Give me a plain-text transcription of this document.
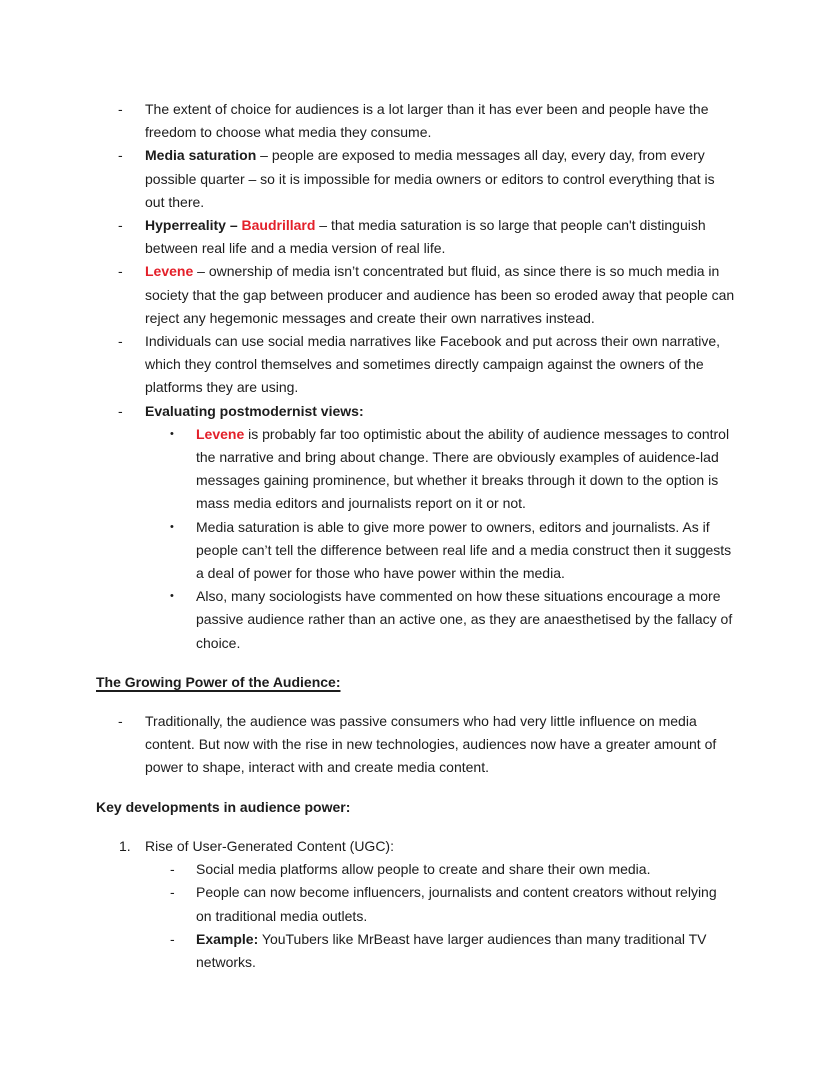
- The extent of choice for audiences is a lot larger than it has ever been and people have the freedom to choose what media they consume.
- Media saturation – people are exposed to media messages all day, every day, from every possible quarter – so it is impossible for media owners or editors to control everything that is out there.
- Hyperreality – Baudrillard – that media saturation is so large that people can't distinguish between real life and a media version of real life.
- Levene – ownership of media isn’t concentrated but fluid, as since there is so much media in society that the gap between producer and audience has been so eroded away that people can reject any hegemonic messages and create their own narratives instead.
- Individuals can use social media narratives like Facebook and put across their own narrative, which they control themselves and sometimes directly campaign against the owners of the platforms they are using.
- Evaluating postmodernist views:
• Levene is probably far too optimistic about the ability of audience messages to control the narrative and bring about change. There are obviously examples of auidence-lad messages gaining prominence, but whether it breaks through it down to the option is mass media editors and journalists report on it or not.
• Media saturation is able to give more power to owners, editors and journalists. As if people can’t tell the difference between real life and a media construct then it suggests a deal of power for those who have power within the media.
• Also, many sociologists have commented on how these situations encourage a more passive audience rather than an active one, as they are anaesthetised by the fallacy of choice.
The Growing Power of the Audience:
- Traditionally, the audience was passive consumers who had very little influence on media content. But now with the rise in new technologies, audiences now have a greater amount of power to shape, interact with and create media content.
Key developments in audience power:
1. Rise of User-Generated Content (UGC):
- Social media platforms allow people to create and share their own media.
- People can now become influencers, journalists and content creators without relying on traditional media outlets.
- Example: YouTubers like MrBeast have larger audiences than many traditional TV networks.
